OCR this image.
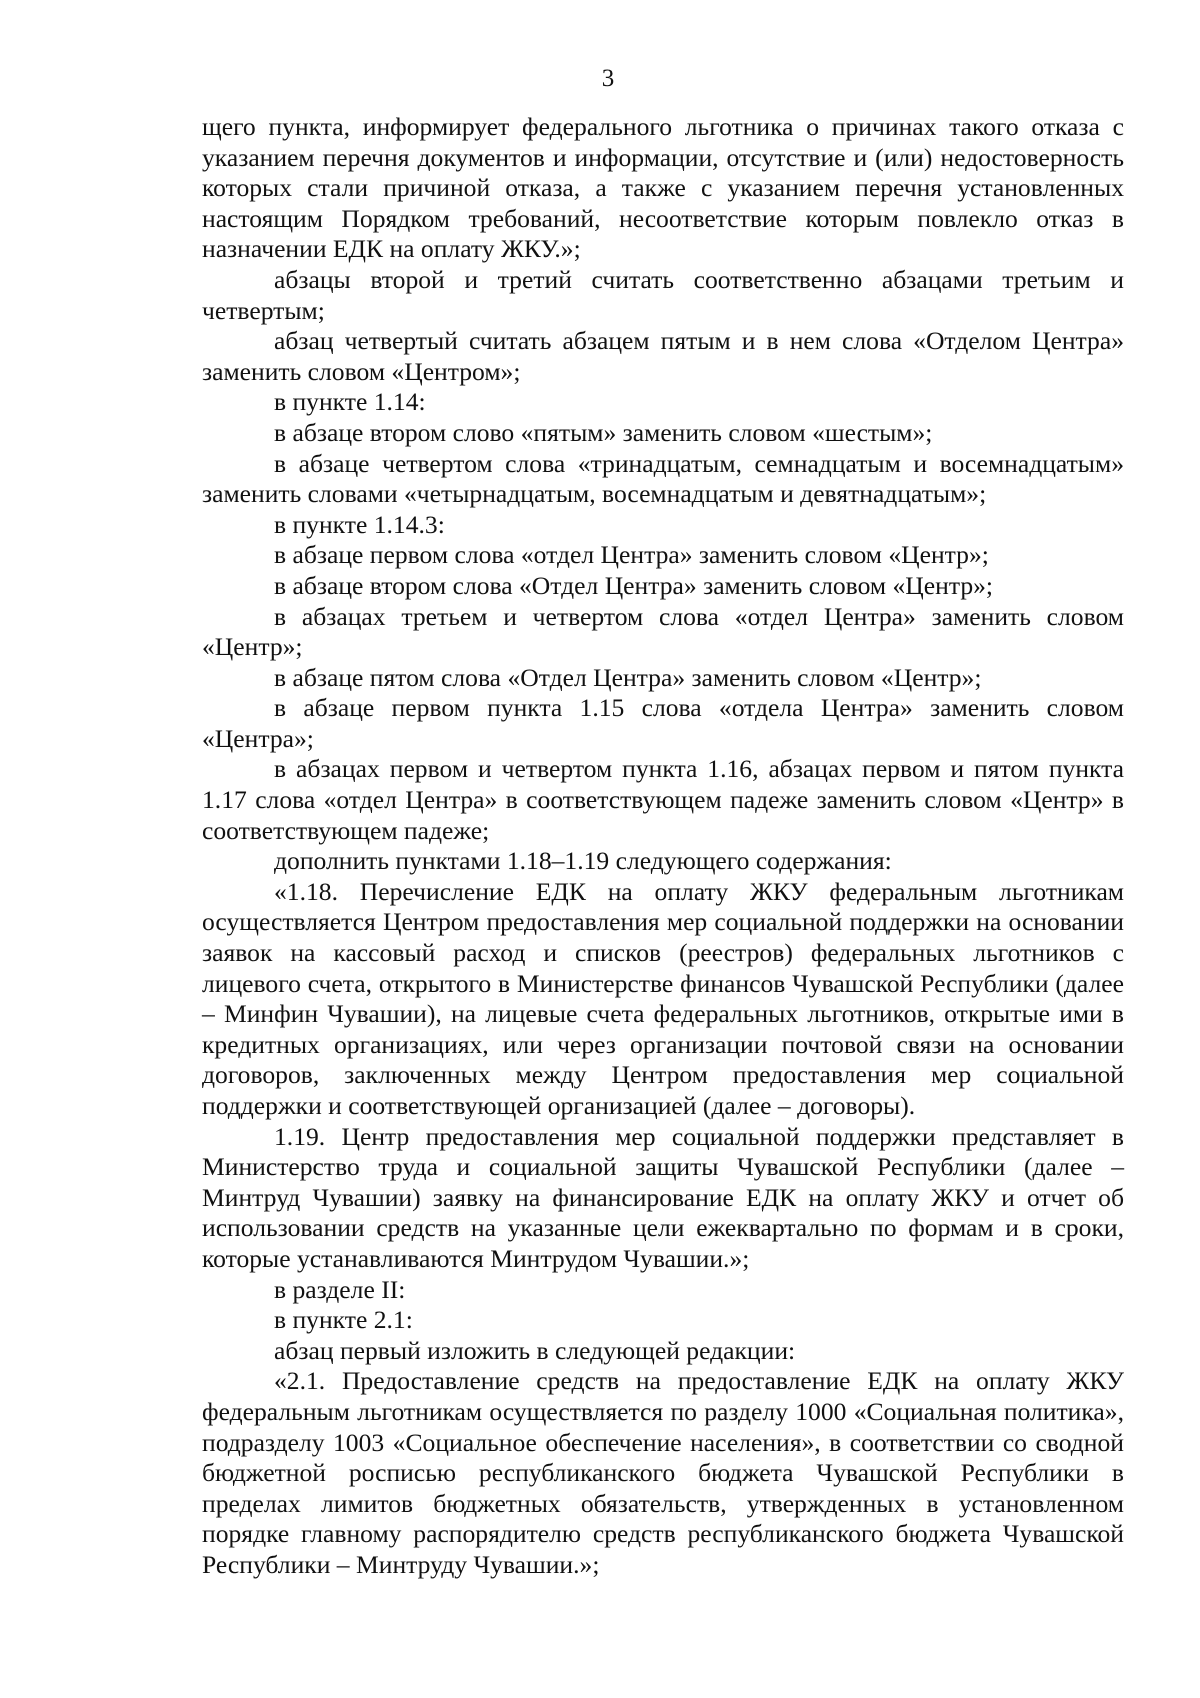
3

щего пункта, информирует федерального льготника о причинах такого отказа с указанием перечня документов и информации, отсутствие и (или) недостоверность которых стали причиной отказа, а также с указанием перечня установленных настоящим Порядком требований, несоответствие которым повлекло отказ в назначении ЕДК на оплату ЖКУ.»;

абзацы второй и третий считать соответственно абзацами третьим и четвертым;

абзац четвертый считать абзацем пятым и в нем слова «Отделом Центра» заменить словом «Центром»;

в пункте 1.14:

в абзаце втором слово «пятым» заменить словом «шестым»;

в абзаце четвертом слова «тринадцатым, семнадцатым и восемнадцатым» заменить словами «четырнадцатым, восемнадцатым и девятнадцатым»;

в пункте 1.14.3:

в абзаце первом слова «отдел Центра» заменить словом «Центр»;

в абзаце втором слова «Отдел Центра» заменить словом «Центр»;

в абзацах третьем и четвертом слова «отдел Центра» заменить словом «Центр»;

в абзаце пятом слова «Отдел Центра» заменить словом «Центр»;

в абзаце первом пункта 1.15 слова «отдела Центра» заменить словом «Центра»;

в абзацах первом и четвертом пункта 1.16, абзацах первом и пятом пункта 1.17 слова «отдел Центра» в соответствующем падеже заменить словом «Центр» в соответствующем падеже;

дополнить пунктами 1.18–1.19 следующего содержания:

«1.18. Перечисление ЕДК на оплату ЖКУ федеральным льготникам осуществляется Центром предоставления мер социальной поддержки на основании заявок на кассовый расход и списков (реестров) федеральных льготников с лицевого счета, открытого в Министерстве финансов Чувашской Республики (далее – Минфин Чувашии), на лицевые счета федеральных льготников, открытые ими в кредитных организациях, или через организации почтовой связи на основании договоров, заключенных между Центром предоставления мер социальной поддержки и соответствующей организацией (далее – договоры).

1.19. Центр предоставления мер социальной поддержки представляет в Министерство труда и социальной защиты Чувашской Республики (далее – Минтруд Чувашии) заявку на финансирование ЕДК на оплату ЖКУ и отчет об использовании средств на указанные цели ежеквартально по формам и в сроки, которые устанавливаются Минтрудом Чувашии.»;

в разделе II:

в пункте 2.1:

абзац первый изложить в следующей редакции:

«2.1. Предоставление средств на предоставление ЕДК на оплату ЖКУ федеральным льготникам осуществляется по разделу 1000 «Социальная политика», подразделу 1003 «Социальное обеспечение населения», в соответствии со сводной бюджетной росписью республиканского бюджета Чувашской Республики в пределах лимитов бюджетных обязательств, утвержденных в установленном порядке главному распорядителю средств республиканского бюджета Чувашской Республики – Минтруду Чувашии.»;
